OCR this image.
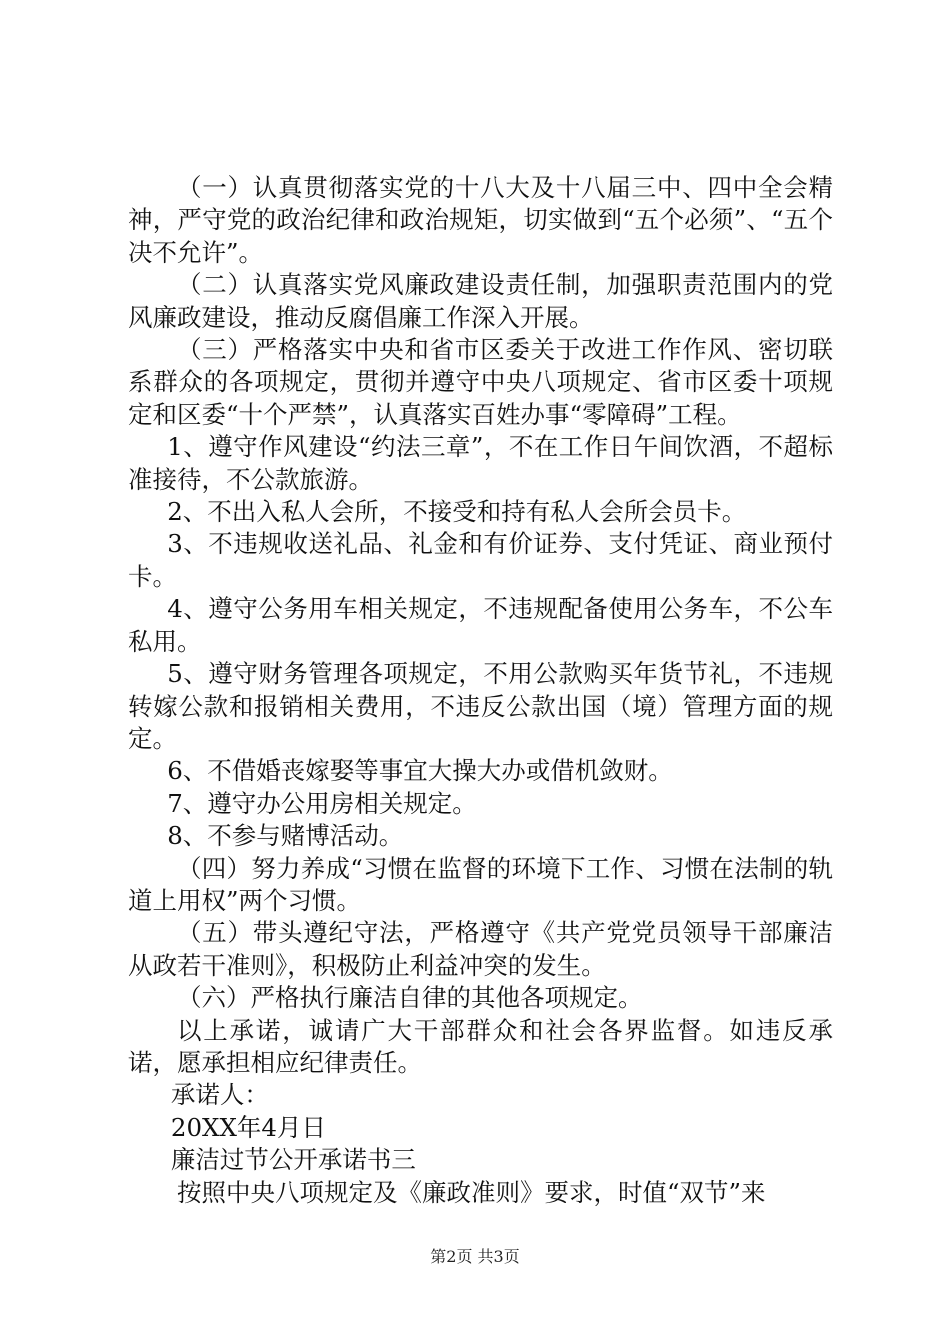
（一）认真贯彻落实党的十八大及十八届三中、四中全会精神，严守党的政治纪律和政治规矩，切实做到“五个必须”、“五个决不允许”。

（二）认真落实党风廉政建设责任制，加强职责范围内的党风廉政建设，推动反腐倡廉工作深入开展。

（三）严格落实中央和省市区委关于改进工作作风、密切联系群众的各项规定，贯彻并遵守中央八项规定、省市区委十项规定和区委“十个严禁”，认真落实百姓办事“零障碍”工程。

1、遵守作风建设“约法三章”，不在工作日午间饮酒，不超标准接待，不公款旅游。

2、不出入私人会所，不接受和持有私人会所会员卡。

3、不违规收送礼品、礼金和有价证券、支付凭证、商业预付卡。

4、遵守公务用车相关规定，不违规配备使用公务车，不公车私用。

5、遵守财务管理各项规定，不用公款购买年货节礼，不违规转嫁公款和报销相关费用，不违反公款出国（境）管理方面的规定。

6、不借婚丧嫁娶等事宜大操大办或借机敛财。

7、遵守办公用房相关规定。

8、不参与赌博活动。

（四）努力养成“习惯在监督的环境下工作、习惯在法制的轨道上用权”两个习惯。

（五）带头遵纪守法，严格遵守《共产党党员领导干部廉洁从政若干准则》，积极防止利益冲突的发生。

（六）严格执行廉洁自律的其他各项规定。

以上承诺，诚请广大干部群众和社会各界监督。如违反承诺，愿承担相应纪律责任。

承诺人：

20XX年4月日

廉洁过节公开承诺书三

按照中央八项规定及《廉政准则》要求，时值“双节”来

第2页 共3页
